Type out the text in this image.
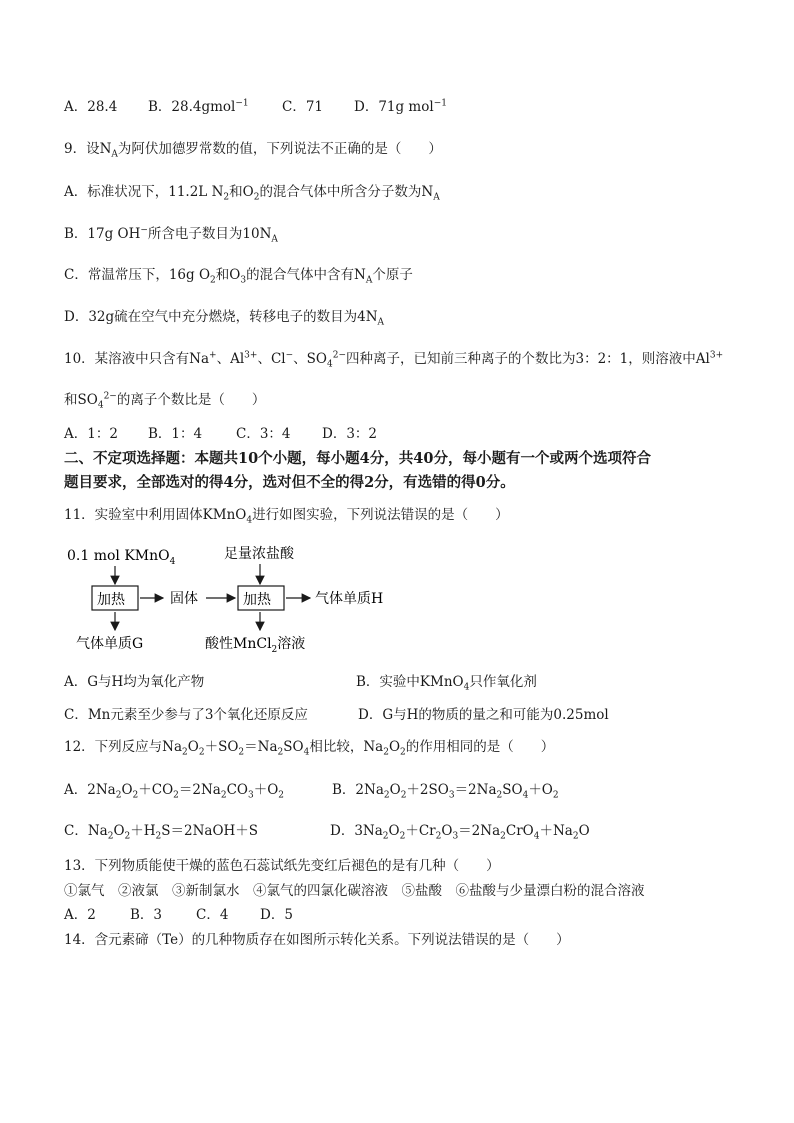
A．28.4 B．28.4gmol$^{-1}$ C．71 D．71g mol$^{-1}$
9．设$N_A$为阿伏加德罗常数的值，下列说法不正确的是（　　）
A．标准状况下，11.2L $N_2$和$O_2$的混合气体中所含分子数为$N_A$
B．17g OH−所含电子数目为$10N_A$
C．常温常压下，16g $O_2$和$O_3$的混合气体中含有$N_A$个原子
D．32g硫在空气中充分燃烧，转移电子的数目为$4N_A$
10．某溶液中只含有Na+、$Al^{3+}$、Cl−、$SO_4^{2-}$四种离子，已知前三种离子的个数比为3：2：1，则溶液中$Al^{3+}$
和$SO_4^{2-}$的离子个数比是（　　）
A．1：2 B．1：4	C．3：4 D．3：2
二、不定项选择题：本题共10个小题，每小题4分，共40分，每小题有一个或两个选项符合
题目要求，全部选对的得4分，选对但不全的得2分，有选错的得0分。
11．实验室中利用固体KMnO$_4$进行如图实验，下列说法错误的是（　　）
0.1 mol KMnO$_4$	足量浓盐酸
加热	固体	加热	气体单质H
气体单质G	酸性MnCl$_2$溶液
A．G与H均为氧化产物	B．实验中KMnO$_4$只作氧化剂
C．Mn元素至少参与了3个氧化还原反应	D．G与H的物质的量之和可能为0.25mol
12．下列反应与$Na_2O_2+SO_2=Na_2SO_4$相比较，$Na_2O_2$的作用相同的是（　　）
A．$2Na_2O_2+CO_2=2Na_2CO_3+O_2$	B．$2Na_2O_2+2SO_3=2Na_2SO_4+O_2$
C．$Na_2O_2+H_2S=2NaOH+S$	D．$3Na_2O_2+Cr_2O_3=2Na_2CrO_4+Na_2O$
13．下列物质能使干燥的蓝色石蕊试纸先变红后褪色的是有几种（　　）
①氯气　②液氯　③新制氯水　④氯气的四氯化碳溶液　⑤盐酸　⑥盐酸与少量漂白粉的混合溶液
A．2	B．3	C．4 D．5
14．含元素碲（Te）的几种物质存在如图所示转化关系。下列说法错误的是（　　）
